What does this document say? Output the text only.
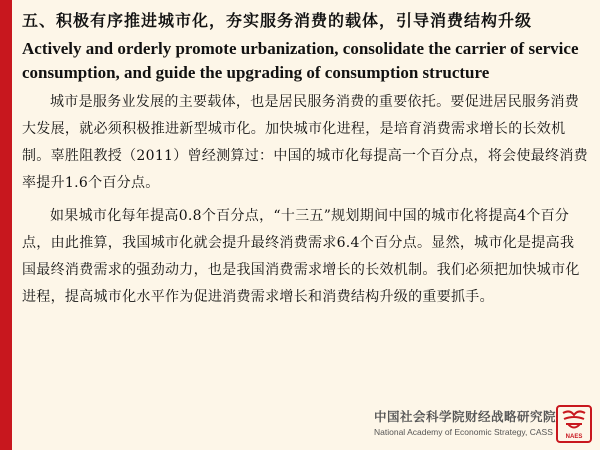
五、积极有序推进城市化，夯实服务消费的载体，引导消费结构升级
Actively and orderly promote urbanization, consolidate the carrier of service consumption, and guide the upgrading of consumption structure

城市是服务业发展的主要载体，也是居民服务消费的重要依托。要促进居民服务消费大发展，就必须积极推进新型城市化。加快城市化进程，是培育消费需求增长的长效机制。辜胜阻教授（2011）曾经测算过：中国的城市化每提高一个百分点，将会使最终消费率提升1.6个百分点。

如果城市化每年提高0.8个百分点，“十三五”规划期间中国的城市化将提高4个百分点，由此推算，我国城市化就会提升最终消费需求6.4个百分点。显然，城市化是提高我国最终消费需求的强劲动力，也是我国消费需求增长的长效机制。我们必须把加快城市化进程，提高城市化水平作为促进消费需求增长和消费结构升级的重要抓手。

中国社会科学院财经战略研究院
National Academy of Economic Strategy, CASS NAES
